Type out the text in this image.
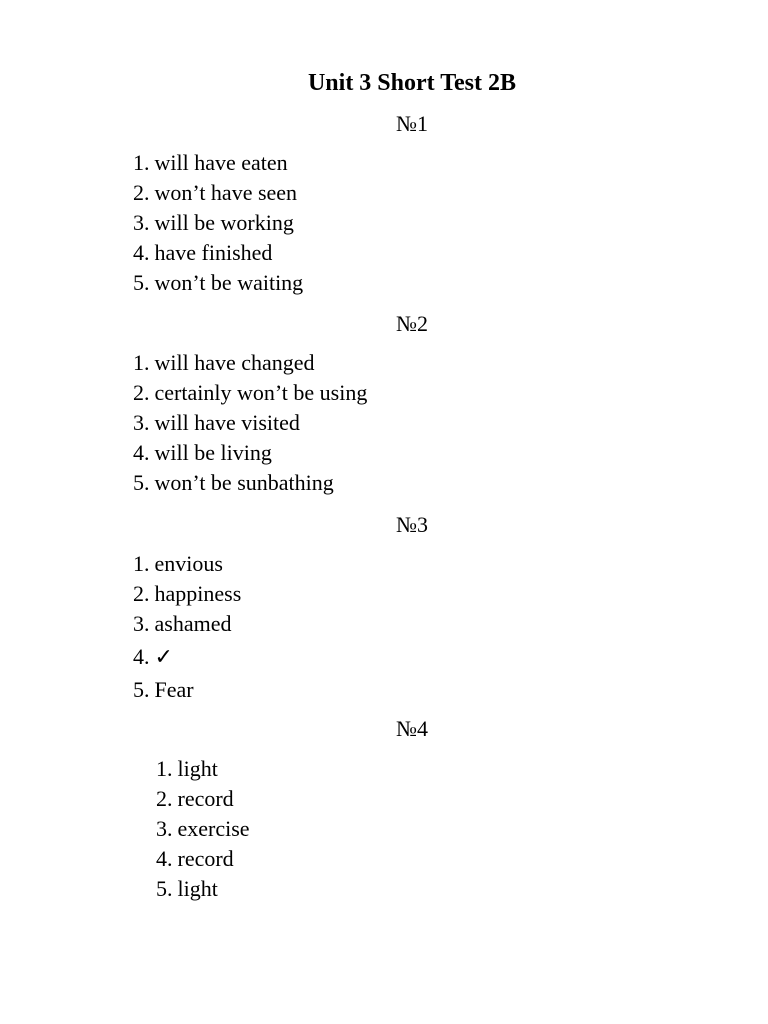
Unit 3 Short Test 2B
№1
1. will have eaten
2. won’t have seen
3. will be working
4. have finished
5. won’t be waiting
№2
1. will have changed
2. certainly won’t be using
3. will have visited
4. will be living
5. won’t be sunbathing
№3
1. envious
2. happiness
3. ashamed
4. ✓
5. Fear
№4
1. light
2. record
3. exercise
4. record
5. light
